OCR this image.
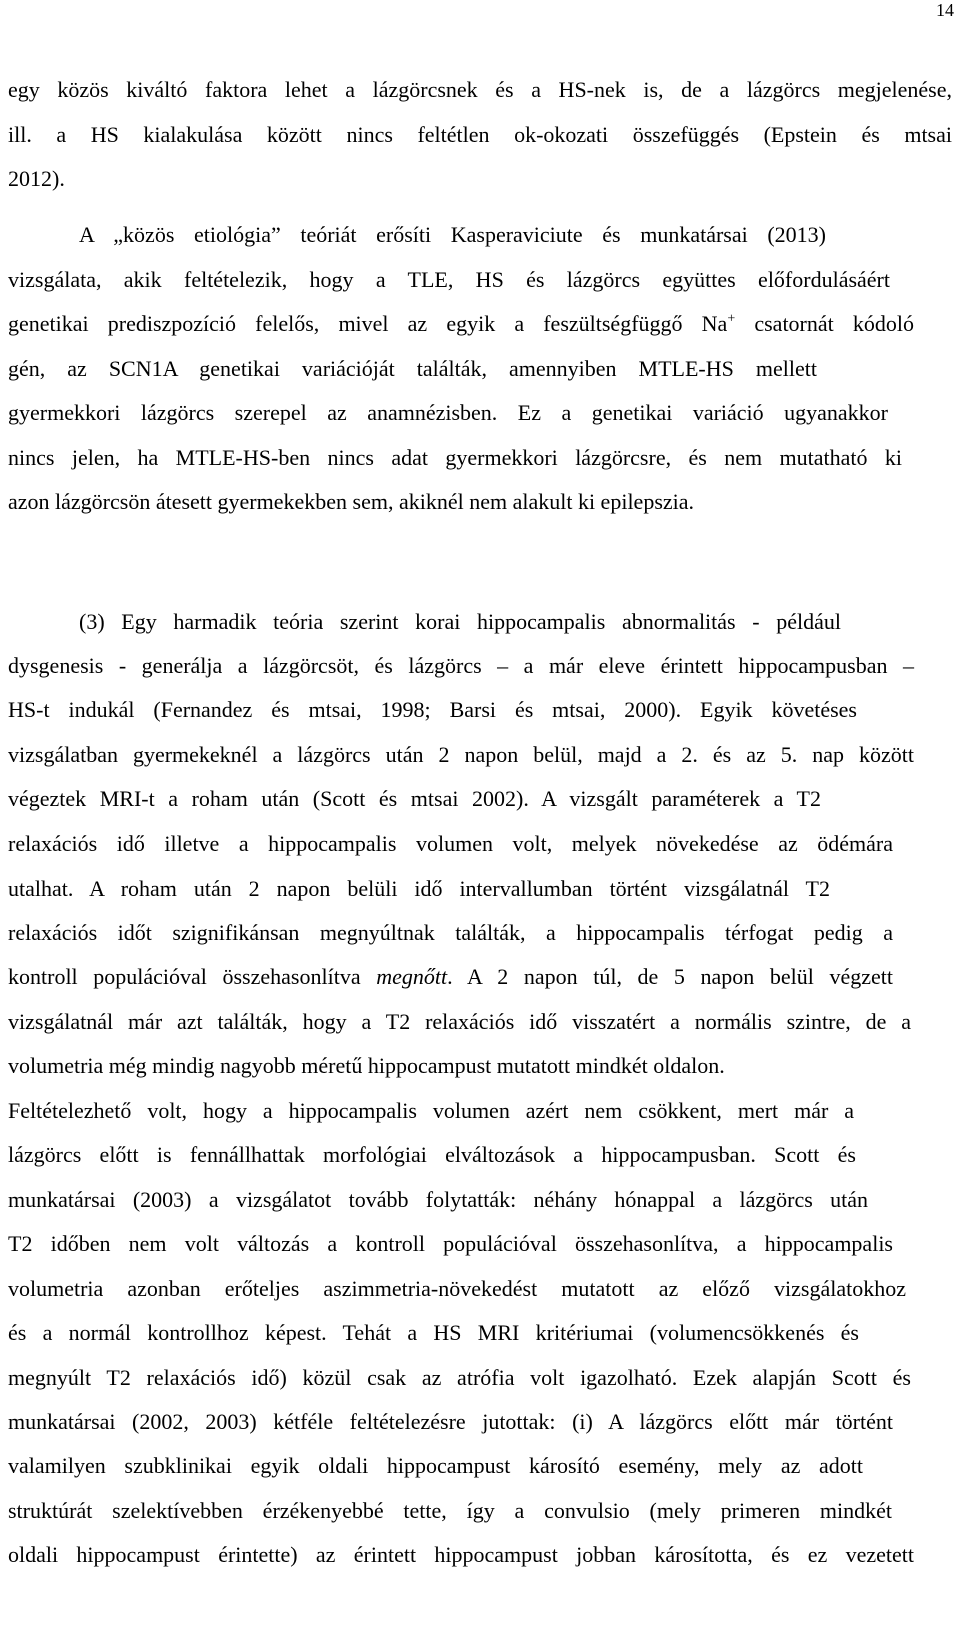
14
egy közös kiváltó faktora lehet a lázgörcsnek és a HS-nek is, de a lázgörcs megjelenése,
ill. a HS kialakulása között nincs feltétlen ok-okozati összefüggés (Epstein és mtsai
2012).
A „közös etiológia” teóriát erősíti Kasperaviciute és munkatársai (2013)
vizsgálata, akik feltételezik, hogy a TLE, HS és lázgörcs együttes előfordulásáért
genetikai prediszpozíció felelős, mivel az egyik a feszültségfüggő Na+ csatornát kódoló
gén, az SCN1A genetikai variációját találták, amennyiben MTLE-HS mellett
gyermekkori lázgörcs szerepel az anamnézisben. Ez a genetikai variáció ugyanakkor
nincs jelen, ha MTLE-HS-ben nincs adat gyermekkori lázgörcsre, és nem mutatható ki
azon lázgörcsön átesett gyermekekben sem, akiknél nem alakult ki epilepszia.
(3) Egy harmadik teória szerint korai hippocampalis abnormalitás - például
dysgenesis - generálja a lázgörcsöt, és lázgörcs – a már eleve érintett hippocampusban –
HS-t indukál (Fernandez és mtsai, 1998; Barsi és mtsai, 2000). Egyik követéses
vizsgálatban gyermekeknél a lázgörcs után 2 napon belül, majd a 2. és az 5. nap között
végeztek MRI-t a roham után (Scott és mtsai 2002). A vizsgált paraméterek a T2
relaxációs idő illetve a hippocampalis volumen volt, melyek növekedése az ödémára
utalhat. A roham után 2 napon belüli idő intervallumban történt vizsgálatnál T2
relaxációs időt szignifikánsan megnyúltnak találták, a hippocampalis térfogat pedig a
kontroll populációval összehasonlítva megnőtt. A 2 napon túl, de 5 napon belül végzett
vizsgálatnál már azt találták, hogy a T2 relaxációs idő visszatért a normális szintre, de a
volumetria még mindig nagyobb méretű hippocampust mutatott mindkét oldalon.
Feltételezhető volt, hogy a hippocampalis volumen azért nem csökkent, mert már a
lázgörcs előtt is fennállhattak morfológiai elváltozások a hippocampusban. Scott és
munkatársai (2003) a vizsgálatot tovább folytatták: néhány hónappal a lázgörcs után
T2 időben nem volt változás a kontroll populációval összehasonlítva, a hippocampalis
volumetria azonban erőteljes aszimmetria-növekedést mutatott az előző vizsgálatokhoz
és a normál kontrollhoz képest. Tehát a HS MRI kritériumai (volumencsökkenés és
megnyúlt T2 relaxációs idő) közül csak az atrófia volt igazolható. Ezek alapján Scott és
munkatársai (2002, 2003) kétféle feltételezésre jutottak: (i) A lázgörcs előtt már történt
valamilyen szubklinikai egyik oldali hippocampust károsító esemény, mely az adott
struktúrát szelektívebben érzékenyebbé tette, így a convulsio (mely primeren mindkét
oldali hippocampust érintette) az érintett hippocampust jobban károsította, és ez vezetett
